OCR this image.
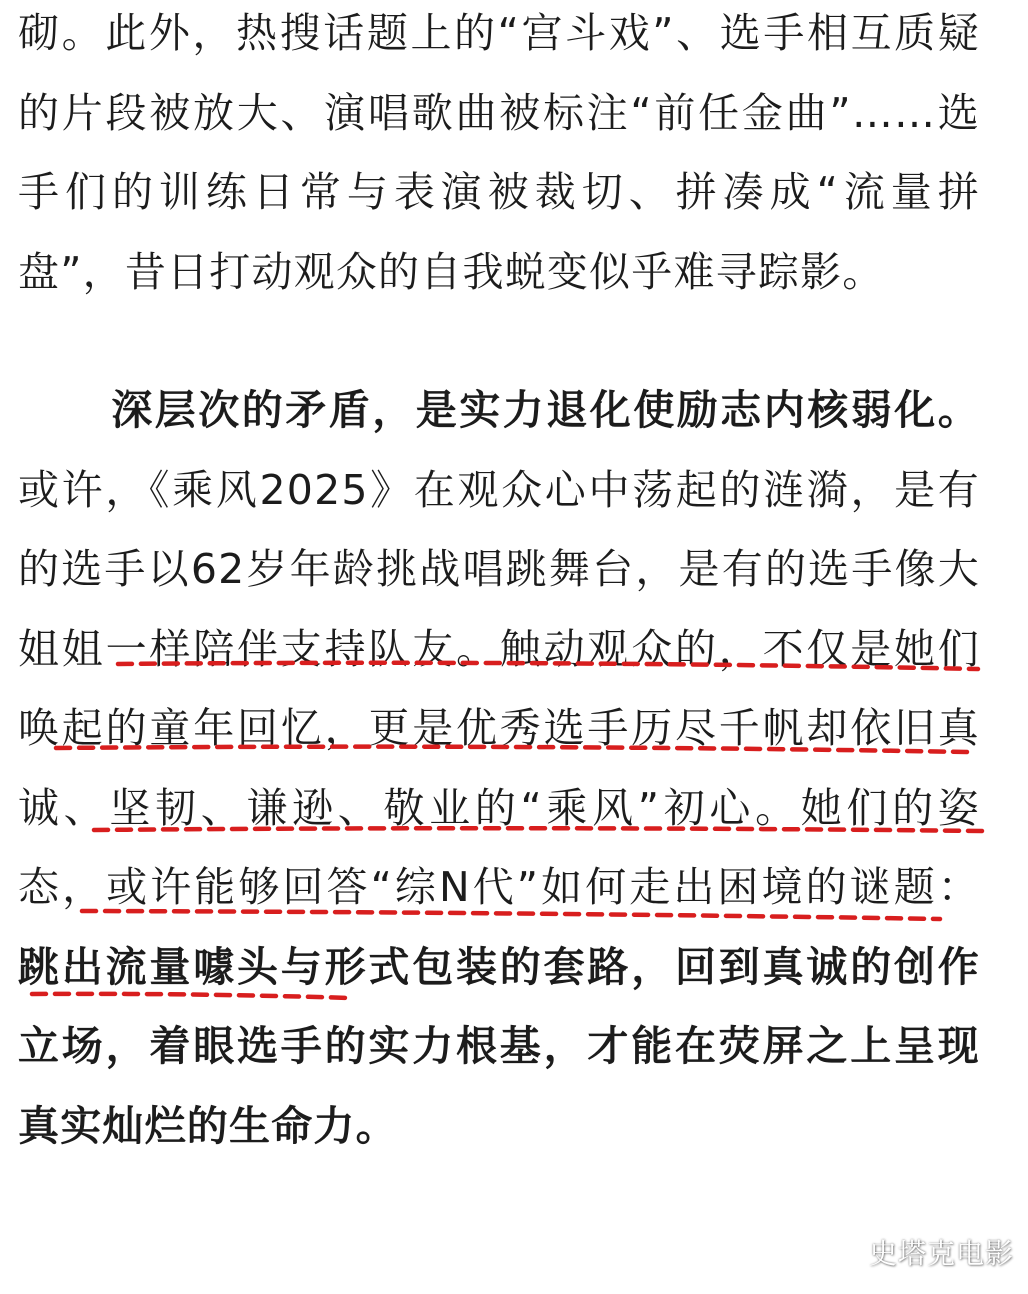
砌。此外，热搜话题上的“宫斗戏”、选手相互质疑的片段被放大、演唱歌曲被标注“前任金曲”……选手们的训练日常与表演被裁切、拼凑成“流量拼盘”，昔日打动观众的自我蜕变似乎难寻踪影。

深层次的矛盾，是实力退化使励志内核弱化。或许，《乘风2025》在观众心中荡起的涟漪，是有的选手以62岁年龄挑战唱跳舞台，是有的选手像大姐姐一样陪伴支持队友。触动观众的，不仅是她们唤起的童年回忆，更是优秀选手历尽千帆却依旧真诚、坚韧、谦逊、敬业的“乘风”初心。她们的姿态，或许能够回答“综N代”如何走出困境的谜题：跳出流量噱头与形式包装的套路，回到真诚的创作立场，着眼选手的实力根基，才能在荧屏之上呈现真实灿烂的生命力。

史塔克电影
